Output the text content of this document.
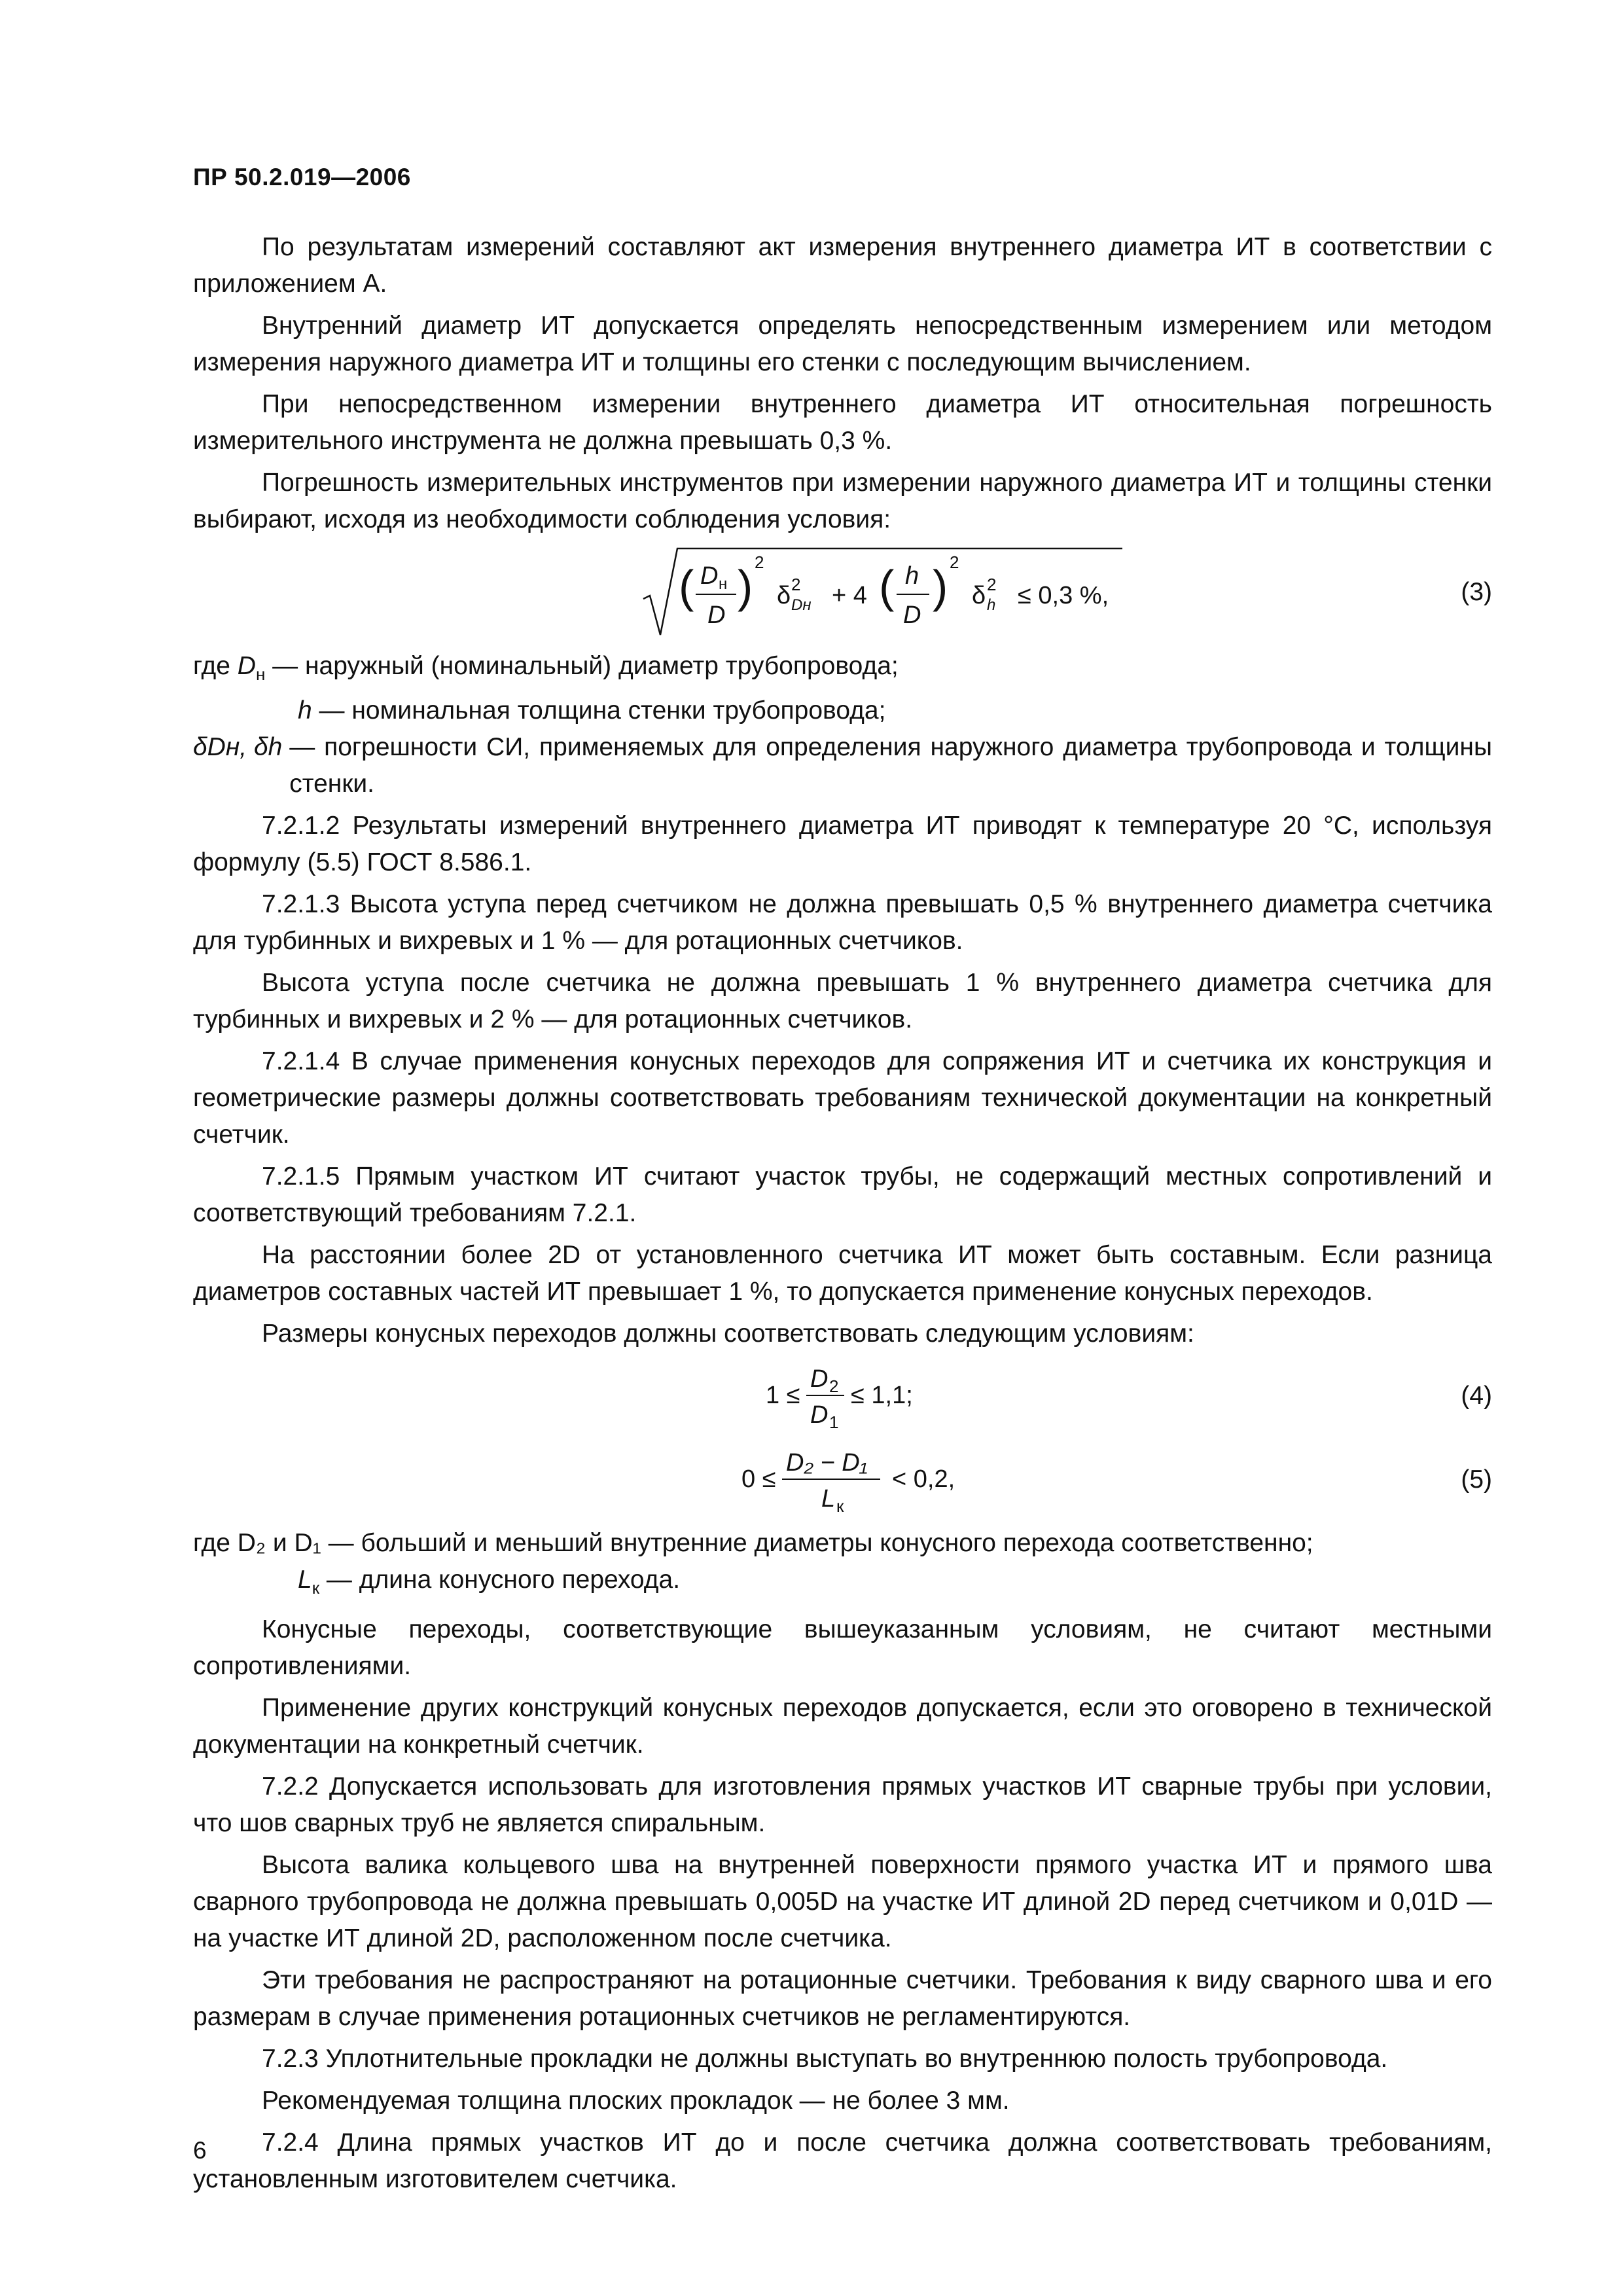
ПР 50.2.019—2006

По результатам измерений составляют акт измерения внутреннего диаметра ИТ в соответствии с приложением А.

Внутренний диаметр ИТ допускается определять непосредственным измерением или методом измерения наружного диаметра ИТ и толщины его стенки с последующим вычислением.

При непосредственном измерении внутреннего диаметра ИТ относительная погрешность измерительного инструмента не должна превышать 0,3 %.

Погрешность измерительных инструментов при измерении наружного диаметра ИТ и толщины стенки выбирают, исходя из необходимости соблюдения условия:

( D н
D
) 2
δ 2
Dн + 4 ( h
D
) 2
δ 2
h ≤ 0,3 %,	(3)
где $D_н$ — наружный (номинальный) диаметр трубопровода;
h — номинальная толщина стенки трубопровода;
δDн, δh — погрешности СИ, применяемых для определения наружного диаметра трубопровода и толщины стенки.

7.2.1.2 Результаты измерений внутреннего диаметра ИТ приводят к температуре 20 °С, используя формулу (5.5) ГОСТ 8.586.1.

7.2.1.3 Высота уступа перед счетчиком не должна превышать 0,5 % внутреннего диаметра счетчика для турбинных и вихревых и 1 % — для ротационных счетчиков.

Высота уступа после счетчика не должна превышать 1 % внутреннего диаметра счетчика для турбинных и вихревых и 2 % — для ротационных счетчиков.

7.2.1.4 В случае применения конусных переходов для сопряжения ИТ и счетчика их конструкция и геометрические размеры должны соответствовать требованиям технической документации на конкретный счетчик.

7.2.1.5 Прямым участком ИТ считают участок трубы, не содержащий местных сопротивлений и соответствующий требованиям 7.2.1.

На расстоянии более 2D от установленного счетчика ИТ может быть составным. Если разница диаметров составных частей ИТ превышает 1 %, то допускается применение конусных переходов.

Размеры конусных переходов должны соответствовать следующим условиям:

1 ≤
D 2
D 1
≤ 1,1;	(4)
0 ≤
D₂ − D₁
L к
< 0,2,	(5)
где D₂ и D₁ — больший и меньший внутренние диаметры конусного перехода соответственно;
$L_к$ — длина конусного перехода.

Конусные переходы, соответствующие вышеуказанным условиям, не считают местными сопротивлениями.

Применение других конструкций конусных переходов допускается, если это оговорено в технической документации на конкретный счетчик.

7.2.2 Допускается использовать для изготовления прямых участков ИТ сварные трубы при условии, что шов сварных труб не является спиральным.

Высота валика кольцевого шва на внутренней поверхности прямого участка ИТ и прямого шва сварного трубопровода не должна превышать 0,005D на участке ИТ длиной 2D перед счетчиком и 0,01D — на участке ИТ длиной 2D, расположенном после счетчика.

Эти требования не распространяют на ротационные счетчики. Требования к виду сварного шва и его размерам в случае применения ротационных счетчиков не регламентируются.

7.2.3 Уплотнительные прокладки не должны выступать во внутреннюю полость трубопровода.

Рекомендуемая толщина плоских прокладок — не более 3 мм.

7.2.4 Длина прямых участков ИТ до и после счетчика должна соответствовать требованиям, установленным изготовителем счетчика.

6
